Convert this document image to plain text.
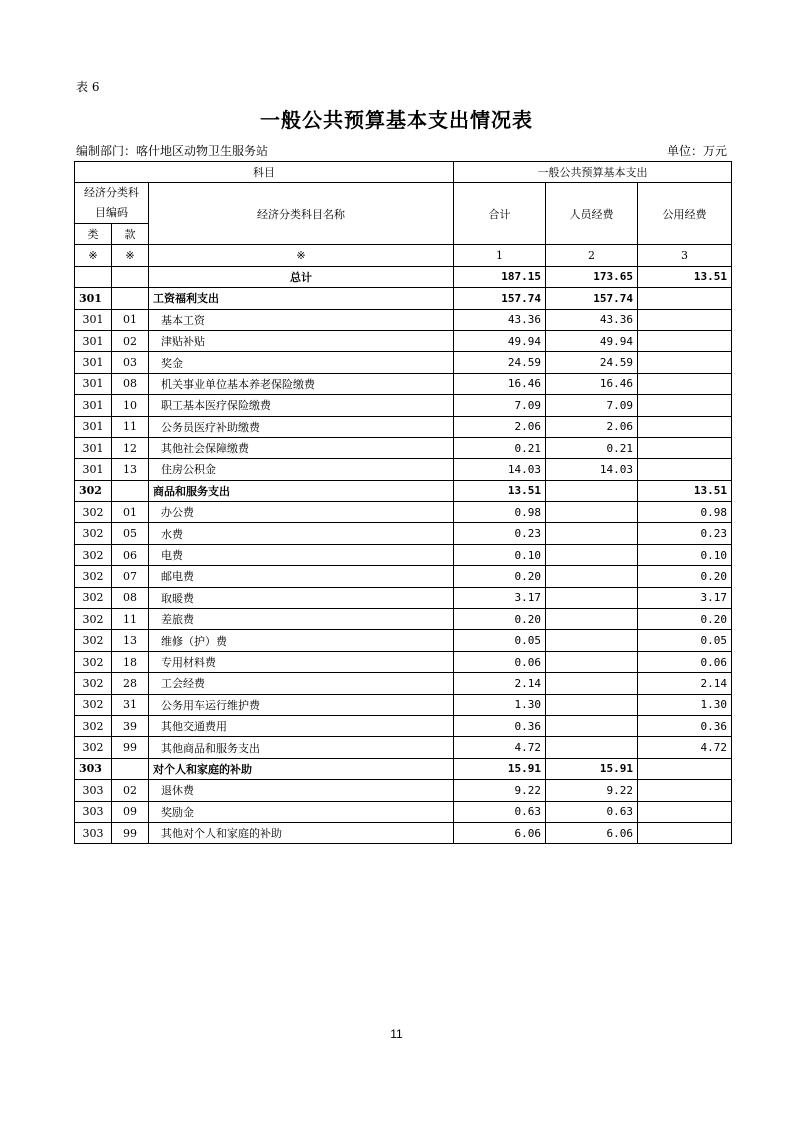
表 6
一般公共预算基本支出情况表
编制部门：喀什地区动物卫生服务站	单位：万元
科目			一般公共预算基本支出		
经济分类科目编码		经济分类科目名称	合计	人员经费	公用经费
类	款				
※	※	※	1	2	3
		总计	187.15	173.65	13.51
301		工资福利支出	157.74	157.74	
301	01	基本工资	43.36	43.36	
301	02	津贴补贴	49.94	49.94	
301	03	奖金	24.59	24.59	
301	08	机关事业单位基本养老保险缴费	16.46	16.46	
301	10	职工基本医疗保险缴费	7.09	7.09	
301	11	公务员医疗补助缴费	2.06	2.06	
301	12	其他社会保障缴费	0.21	0.21	
301	13	住房公积金	14.03	14.03	
302		商品和服务支出	13.51		13.51
302	01	办公费	0.98		0.98
302	05	水费	0.23		0.23
302	06	电费	0.10		0.10
302	07	邮电费	0.20		0.20
302	08	取暖费	3.17		3.17
302	11	差旅费	0.20		0.20
302	13	维修（护）费	0.05		0.05
302	18	专用材料费	0.06		0.06
302	28	工会经费	2.14		2.14
302	31	公务用车运行维护费	1.30		1.30
302	39	其他交通费用	0.36		0.36
302	99	其他商品和服务支出	4.72		4.72
303		对个人和家庭的补助	15.91	15.91	
303	02	退休费	9.22	9.22	
303	09	奖励金	0.63	0.63	
303	99	其他对个人和家庭的补助	6.06	6.06	
11
